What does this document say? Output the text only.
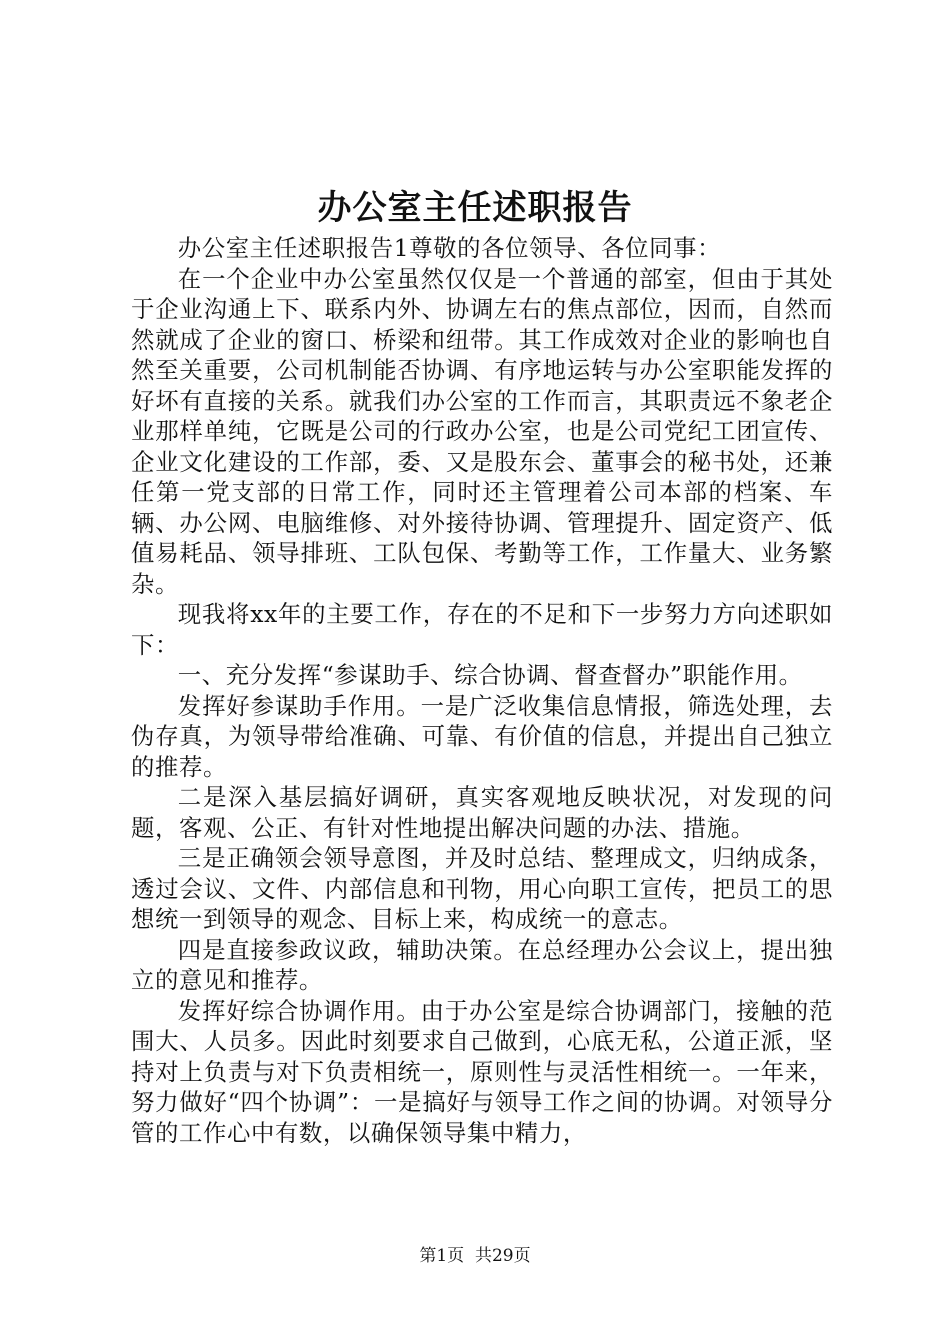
办公室主任述职报告

办公室主任述职报告1尊敬的各位领导、各位同事：

在一个企业中办公室虽然仅仅是一个普通的部室，但由于其处于企业沟通上下、联系内外、协调左右的焦点部位，因而，自然而然就成了企业的窗口、桥梁和纽带。其工作成效对企业的影响也自然至关重要，公司机制能否协调、有序地运转与办公室职能发挥的好坏有直接的关系。就我们办公室的工作而言，其职责远不象老企业那样单纯，它既是公司的行政办公室，也是公司党纪工团宣传、企业文化建设的工作部，委、又是股东会、董事会的秘书处，还兼任第一党支部的日常工作，同时还主管理着公司本部的档案、车辆、办公网、电脑维修、对外接待协调、管理提升、固定资产、低值易耗品、领导排班、工队包保、考勤等工作，工作量大、业务繁杂。

现我将xx年的主要工作，存在的不足和下一步努力方向述职如下：

一、充分发挥“参谋助手、综合协调、督查督办”职能作用。

发挥好参谋助手作用。一是广泛收集信息情报，筛选处理，去伪存真，为领导带给准确、可靠、有价值的信息，并提出自己独立的推荐。

二是深入基层搞好调研，真实客观地反映状况，对发现的问题，客观、公正、有针对性地提出解决问题的办法、措施。

三是正确领会领导意图，并及时总结、整理成文，归纳成条，透过会议、文件、内部信息和刊物，用心向职工宣传，把员工的思想统一到领导的观念、目标上来，构成统一的意志。

四是直接参政议政，辅助决策。在总经理办公会议上，提出独立的意见和推荐。

发挥好综合协调作用。由于办公室是综合协调部门，接触的范围大、人员多。因此时刻要求自己做到，心底无私，公道正派，坚持对上负责与对下负责相统一，原则性与灵活性相统一。一年来，努力做好“四个协调”：一是搞好与领导工作之间的协调。对领导分管的工作心中有数，以确保领导集中精力，

第1页  共29页
